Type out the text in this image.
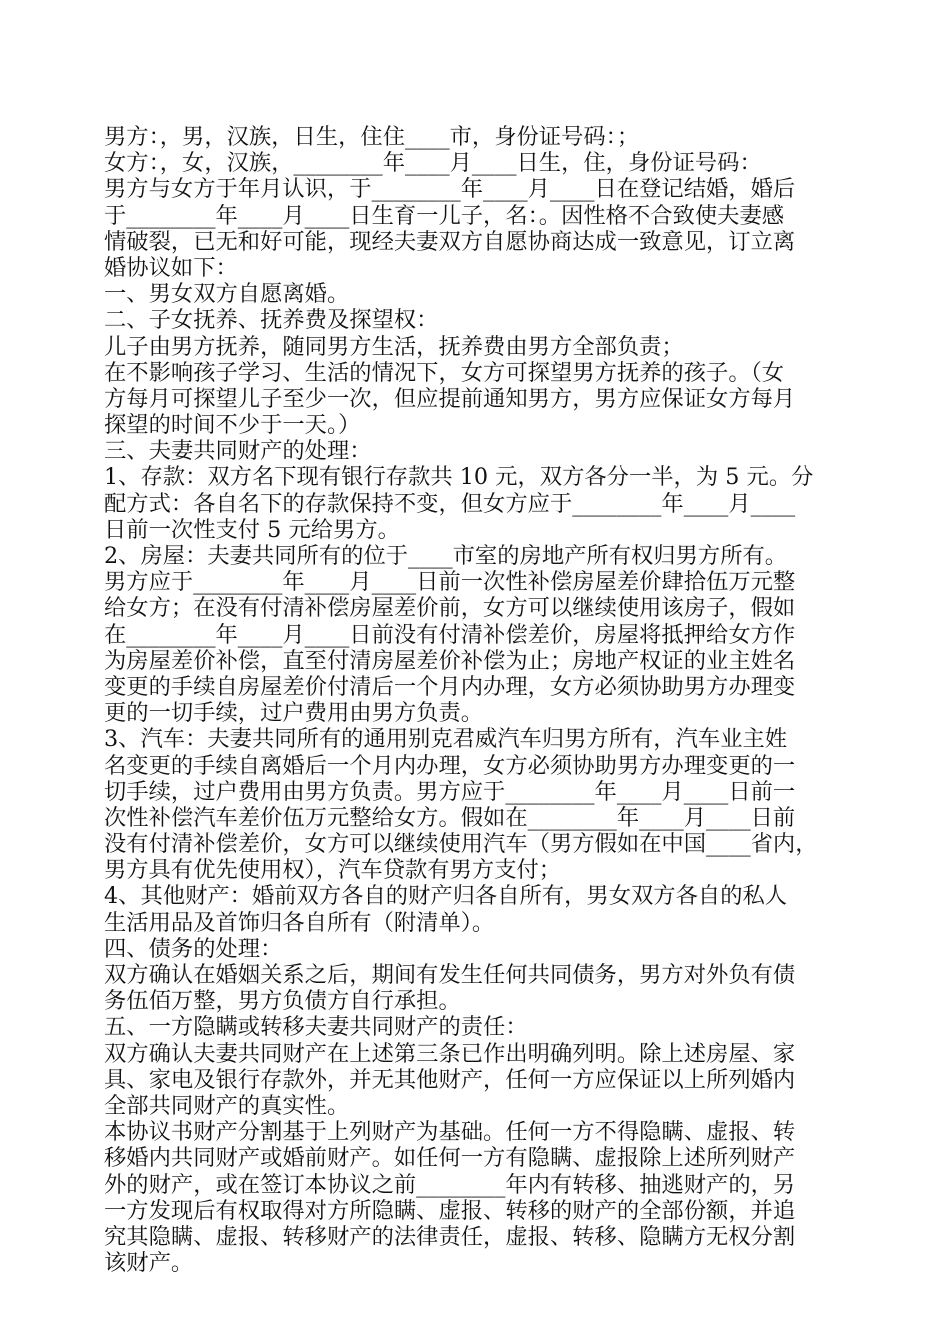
男方：，男，汉族，日生，住住____市，身份证号码：；
女方：，女，汉族，________年____月____日生，住，身份证号码：
男方与女方于年月认识，于________年____月____日在登记结婚，婚后
于________年____月____日生育一儿子，名：。因性格不合致使夫妻感
情破裂，已无和好可能，现经夫妻双方自愿协商达成一致意见，订立离
婚协议如下：
一、男女双方自愿离婚。
二、子女抚养、抚养费及探望权：
儿子由男方抚养，随同男方生活，抚养费由男方全部负责；
在不影响孩子学习、生活的情况下，女方可探望男方抚养的孩子。（女
方每月可探望儿子至少一次，但应提前通知男方，男方应保证女方每月
探望的时间不少于一天。）
三、夫妻共同财产的处理：
1、存款：双方名下现有银行存款共 10 元，双方各分一半，为 5 元。分
配方式：各自名下的存款保持不变，但女方应于________年____月____
日前一次性支付 5 元给男方。
2、房屋：夫妻共同所有的位于____市室的房地产所有权归男方所有。
男方应于________年____月____日前一次性补偿房屋差价肆拾伍万元整
给女方；在没有付清补偿房屋差价前，女方可以继续使用该房子，假如
在________年____月____日前没有付清补偿差价，房屋将抵押给女方作
为房屋差价补偿，直至付清房屋差价补偿为止；房地产权证的业主姓名
变更的手续自房屋差价付清后一个月内办理，女方必须协助男方办理变
更的一切手续，过户费用由男方负责。
3、汽车：夫妻共同所有的通用别克君威汽车归男方所有，汽车业主姓
名变更的手续自离婚后一个月内办理，女方必须协助男方办理变更的一
切手续，过户费用由男方负责。男方应于________年____月____日前一
次性补偿汽车差价伍万元整给女方。假如在________年____月____日前
没有付清补偿差价，女方可以继续使用汽车（男方假如在中国____省内，
男方具有优先使用权），汽车贷款有男方支付；
4、其他财产：婚前双方各自的财产归各自所有，男女双方各自的私人
生活用品及首饰归各自所有（附清单）。
四、债务的处理：
双方确认在婚姻关系之后，期间有发生任何共同债务，男方对外负有债
务伍佰万整，男方负债方自行承担。
五、一方隐瞒或转移夫妻共同财产的责任：
双方确认夫妻共同财产在上述第三条已作出明确列明。除上述房屋、家
具、家电及银行存款外，并无其他财产，任何一方应保证以上所列婚内
全部共同财产的真实性。
本协议书财产分割基于上列财产为基础。任何一方不得隐瞒、虚报、转
移婚内共同财产或婚前财产。如任何一方有隐瞒、虚报除上述所列财产
外的财产，或在签订本协议之前________年内有转移、抽逃财产的，另
一方发现后有权取得对方所隐瞒、虚报、转移的财产的全部份额，并追
究其隐瞒、虚报、转移财产的法律责任，虚报、转移、隐瞒方无权分割
该财产。
